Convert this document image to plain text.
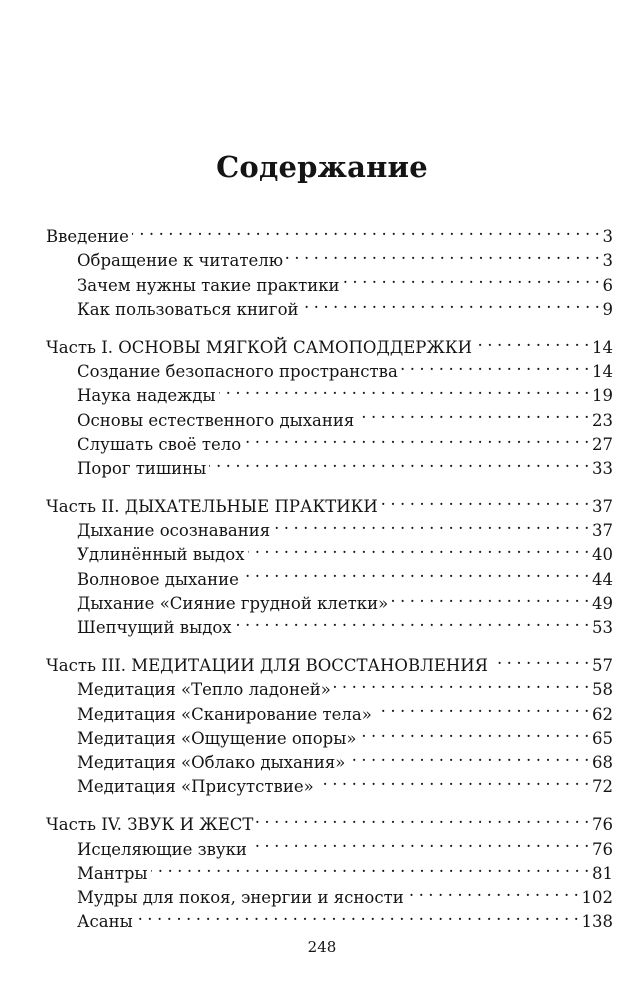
Содержание
Введение . . .	3
Обращение к читателю . . .	3
Зачем нужны такие практики . . .	6
Как пользоваться книгой . . .	9
Часть I. ОСНОВЫ МЯГКОЙ САМОПОДДЕРЖКИ . . .	14
Создание безопасного пространства . . .	14
Наука надежды . . .	19
Основы естественного дыхания . . .	23
Слушать своё тело . . .	27
Порог тишины . . .	33
Часть II. ДЫХАТЕЛЬНЫЕ ПРАКТИКИ . . .	37
Дыхание осознавания . . .	37
Удлинённый выдох . . .	40
Волновое дыхание . . .	44
Дыхание «Сияние грудной клетки» . . .	49
Шепчущий выдох . . .	53
Часть III. МЕДИТАЦИИ ДЛЯ ВОССТАНОВЛЕНИЯ . . .	57
Медитация «Тепло ладоней» . . .	58
Медитация «Сканирование тела» . . .	62
Медитация «Ощущение опоры» . . .	65
Медитация «Облако дыхания» . . .	68
Медитация «Присутствие» . . .	72
Часть IV. ЗВУК И ЖЕСТ . . .	76
Исцеляющие звуки . . .	76
Мантры . . .	81
Мудры для покоя, энергии и ясности . . .	102
Асаны . . .	138
248
